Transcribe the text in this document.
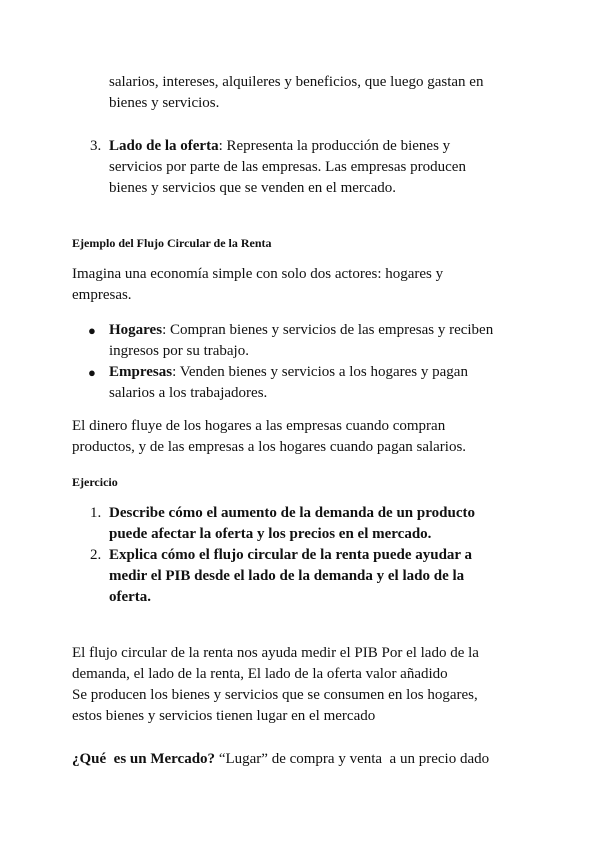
salarios, intereses, alquileres y beneficios, que luego gastan en
bienes y servicios.
3. Lado de la oferta: Representa la producción de bienes y
servicios por parte de las empresas. Las empresas producen
bienes y servicios que se venden en el mercado.
Ejemplo del Flujo Circular de la Renta
Imagina una economía simple con solo dos actores: hogares y
empresas.
● Hogares: Compran bienes y servicios de las empresas y reciben
ingresos por su trabajo.
● Empresas: Venden bienes y servicios a los hogares y pagan
salarios a los trabajadores.
El dinero fluye de los hogares a las empresas cuando compran
productos, y de las empresas a los hogares cuando pagan salarios.
Ejercicio
1. Describe cómo el aumento de la demanda de un producto
puede afectar la oferta y los precios en el mercado.
2. Explica cómo el flujo circular de la renta puede ayudar a
medir el PIB desde el lado de la demanda y el lado de la
oferta.
El flujo circular de la renta nos ayuda medir el PIB Por el lado de la
demanda, el lado de la renta, El lado de la oferta valor añadido
Se producen los bienes y servicios que se consumen en los hogares,
estos bienes y servicios tienen lugar en el mercado
¿Qué  es un Mercado? “Lugar” de compra y venta  a un precio dado
